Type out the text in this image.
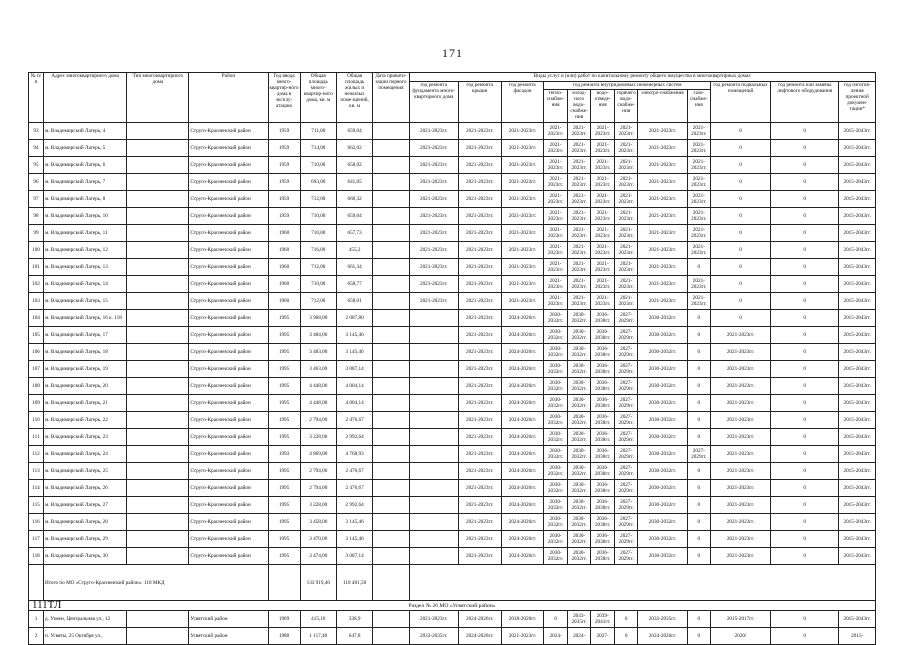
171
№ п/п	Адрес многоквартирного дома	Тип многоквартирного дома	Район	Год ввода много-квартир-ного дома в эксплу-атацию	Общая площадь много-квартир-ного дома, кв. м	Общая площадь жилых и нежилых поме-щений, кв. м	Дата привати-зации первого помещения	Виды услуг и (или) работ по капитальному ремонту общего имущества в многоквартирных домах											
								год ремонта фундамента много-квартирного дома	год ремонта крыши	год ремонта фасадов	год ремонта внутридомовых инженерных систем						год ремонта подвальных помещений	год ремонта или замены лифтового оборудования	год изготов-ления проектной докумен-тации*
											тепло-снабже-ния	холод-ного водо-снабже-ния	водо-отведе-ния	горячего водо-снабже-ния	электро-снабжения	газо-снабже-ния			
93	м. Владимирский Лагерь, 4		Струго-Красненский район	1959	711,00	659,04		2021-2023гг.	2021-2023гг.	2021-2023гг.	2021-2023гг.	2021-2023гг.	2021-2023гг.	2021-2023гг.	2021-2023гг.	2021-2023гг.	0	0	2015-2043гг.
94	м. Владимирский Лагерь, 5		Струго-Красненский район	1959	714,00	662,02		2021-2023гг.	2021-2023гг.	2021-2023гг.	2021-2023гг.	2021-2023гг.	2021-2023гг.	2021-2023гг.	2021-2023гг.	2021-2023гг.	0	0	2015-2043гг.
95	м. Владимирский Лагерь, 6		Струго-Красненский район	1959	710,00	658,02		2021-2023гг.	2021-2023гг.	2021-2023гг.	2021-2023гг.	2021-2023гг.	2021-2023гг.	2021-2023гг.	2021-2023гг.	2021-2023гг.	0	0	2015-2043гг.
96	м. Владимирский Лагерь, 7		Струго-Красненский район	1959	693,00	641,05		2021-2023гг.	2021-2023гг.	2021-2023гг.	2021-2023гг.	2021-2023гг.	2021-2023гг.	2021-2023гг.	2021-2023гг.	2021-2023гг.	0	0	2015-2043гг.
97	м. Владимирский Лагерь, 8		Струго-Красненский район	1959	712,00	660,32		2021-2023гг.	2021-2023гг.	2021-2023гг.	2021-2023гг.	2021-2023гг.	2021-2023гг.	2021-2023гг.	2021-2023гг.	2021-2023гг.	0	0	2015-2043гг.
98	м. Владимирский Лагерь, 10		Струго-Красненский район	1959	710,00	659,04		2021-2023гг.	2021-2023гг.	2021-2023гг.	2021-2023гг.	2021-2023гг.	2021-2023гг.	2021-2023гг.	2021-2023гг.	2021-2023гг.	0	0	2015-2043гг.
99	м. Владимирский Лагерь, 11		Струго-Красненский район	1960	710,00	657,73		2021-2023гг.	2021-2023гг.	2021-2023гг.	2021-2023гг.	2021-2023гг.	2021-2023гг.	2021-2023гг.	2021-2023гг.	2021-2023гг.	0	0	2015-2043гг.
100	м. Владимирский Лагерь, 12		Струго-Красненский район	1960	716,00	455,2		2021-2023гг.	2021-2023гг.	2021-2023гг.	2021-2023гг.	2021-2023гг.	2021-2023гг.	2021-2023гг.	2021-2023гг.	2021-2023гг.	0	0	2015-2043гг.
101	м. Владимирский Лагерь, 13		Струго-Красненский район	1960	712,00	661,34		2021-2023гг.	2021-2023гг.	2021-2023гг.	2021-2023гг.	2021-2023гг.	2021-2023гг.	2021-2023гг.	2021-2023гг.	0	0	0	2015-2043гг.
102	м. Владимирский Лагерь, 14		Струго-Красненский район	1960	710,00	658,77		2021-2023гг.	2021-2023гг.	2021-2023гг.	2021-2023гг.	2021-2023гг.	2021-2023гг.	2021-2023гг.	2021-2023гг.	2021-2023гг.	0	0	2015-2043гг.
103	м. Владимирский Лагерь, 15		Струго-Красненский район	1960	712,00	658,01		2021-2023гг.	2021-2023гг.	2021-2023гг.	2021-2023гг.	2021-2023гг.	2021-2023гг.	2021-2023гг.	2021-2023гг.	2021-2023гг.	0	0	2015-2043гг.
104	м. Владимирский Лагерь, 16 к. 118		Струго-Красненский район	1995	3 968,00	2 087,80			2021-2023гг.	2024-2026гг.	2030-2032гг.	2030-2032гг.	2036-2038гг.	2027-2029гг.	2030-2032гг.	0	0	0	2015-2043гг.
105	м. Владимирский Лагерь, 17		Струго-Красненский район	1995	3 484,00	3 145,46			2021-2023гг.	2024-2026гг.	2030-2032гг.	2030-2032гг.	2036-2038гг.	2027-2029гг.	2030-2032гг.	0	2021-2023гг.	0	2015-2043гг.
106	м. Владимирский Лагерь, 18		Струго-Красненский район	1995	3 483,00	3 145,46			2021-2023гг.	2024-2026гг.	2030-2032гг.	2030-2032гг.	2036-2038гг.	2027-2029гг.	2030-2032гг.	0	2021-2023гг.	0	2015-2043гг.
107	м. Владимирский Лагерь, 19		Струго-Красненский район	1995	3 463,00	3 087,14			2021-2023гг.	2024-2026гг.	2030-2032гг.	2030-2032гг.	2036-2038гг.	2027-2029гг.	2030-2032гг.	0	2021-2023гг.	0	2015-2043гг.
108	м. Владимирский Лагерь, 20		Струго-Красненский район	1995	4 448,00	4 004,14			2021-2023гг.	2024-2026гг.	2030-2032гг.	2030-2032гг.	2036-2038гг.	2027-2029гг.	2030-2032гг.	0	2021-2023гг.	0	2015-2043гг.
109	м. Владимирский Лагерь, 21		Струго-Красненский район	1995	4 448,00	4 004,14			2021-2023гг.	2024-2026гг.	2030-2032гг.	2030-2032гг.	2036-2038гг.	2027-2029гг.	2030-2032гг.	0	2021-2023гг.	0	2015-2043гг.
110	м. Владимирский Лагерь, 22		Струго-Красненский район	1995	2 794,00	2 476,67			2021-2023гг.	2024-2026гг.	2030-2032гг.	2030-2032гг.	2036-2038гг.	2027-2029гг.	2030-2032гг.	0	2021-2023гг.	0	2015-2043гг.
111	м. Владимирский Лагерь, 23		Струго-Красненский район	1995	3 228,00	2 992,64			2021-2023гг.	2024-2026гг.	2030-2032гг.	2030-2032гг.	2036-2038гг.	2027-2029гг.	2030-2032гг.	0	2021-2023гг.	0	2015-2043гг.
112	м. Владимирский Лагерь, 24		Струго-Красненский район	1993	4 869,00	4 768,93			2021-2023гг.	2024-2026гг.	2030-2032гг.	2030-2032гг.	2036-2038гг.	2027-2029гг.	2030-2032гг.	2027-2029гг.	2021-2023гг.	0	2015-2043гг.
113	м. Владимирский Лагерь, 25		Струго-Красненский район	1995	2 794,00	2 476,67			2021-2023гг.	2024-2026гг.	2030-2032гг.	2030-2032гг.	2036-2038гг.	2027-2029гг.	2030-2032гг.	0	2021-2023гг.	0	2015-2043гг.
114	м. Владимирский Лагерь, 26		Струго-Красненский район	1995	2 794,00	2 476,67			2021-2023гг.	2024-2026гг.	2030-2032гг.	2030-2032гг.	2036-2038гг.	2027-2029гг.	2030-2032гг.	0	2021-2023гг.	0	2015-2043гг.
115	м. Владимирский Лагерь, 27		Струго-Красненский район	1995	3 228,00	2 992,64			2021-2023гг.	2024-2026гг.	2030-2032гг.	2030-2032гг.	2036-2038гг.	2027-2029гг.	2030-2032гг.	0	2021-2023гг.	0	2015-2043гг.
116	м. Владимирский Лагерь, 28		Струго-Красненский район	1995	3 458,00	3 145,46			2021-2023гг.	2024-2026гг.	2030-2032гг.	2030-2032гг.	2036-2038гг.	2027-2029гг.	2030-2032гг.	0	2021-2023гг.	0	2015-2043гг.
117	м. Владимирский Лагерь, 29		Струго-Красненский район	1995	3 470,00	3 145,46			2021-2023гг.	2024-2026гг.	2030-2032гг.	2030-2032гг.	2036-2038гг.	2027-2029гг.	2030-2032гг.	0	2021-2023гг.	0	2015-2043гг.
118	м. Владимирский Лагерь, 30		Струго-Красненский район	1995	3 474,00	3 087,14			2021-2023гг.	2024-2026гг.	2030-2032гг.	2030-2032гг.	2036-2038гг.	2027-2029гг.	2030-2032гг.	0	2021-2023гг.	0	2015-2043гг.
	Итого по МО «Струго-Красненский район»: 118 МКД				133 919,40	118 481,50													
Раздел № 26 МО «Усвятский район»																			
1	д. Узмен, Центральная ул., 12		Усвятский район	1969	415,10	338,9		2021-2023гг.	2024-2026гг.	2018-2020гг.	0	2033-2035гг.	2039-2041гг.	0	2033-2035гг.	0	2015-2017гг.	0	2015-2043гг.
2	п. Усвяты, 25 Октября ул.,		Усвятский район	1980	1 117,40	647,8		2033-2035гг.	2024-2026гг.	2021-2023гг.	2024-	2024-	2027-	0	2024-2026гг.	0	2020/	0	2015-
111ТЛ
